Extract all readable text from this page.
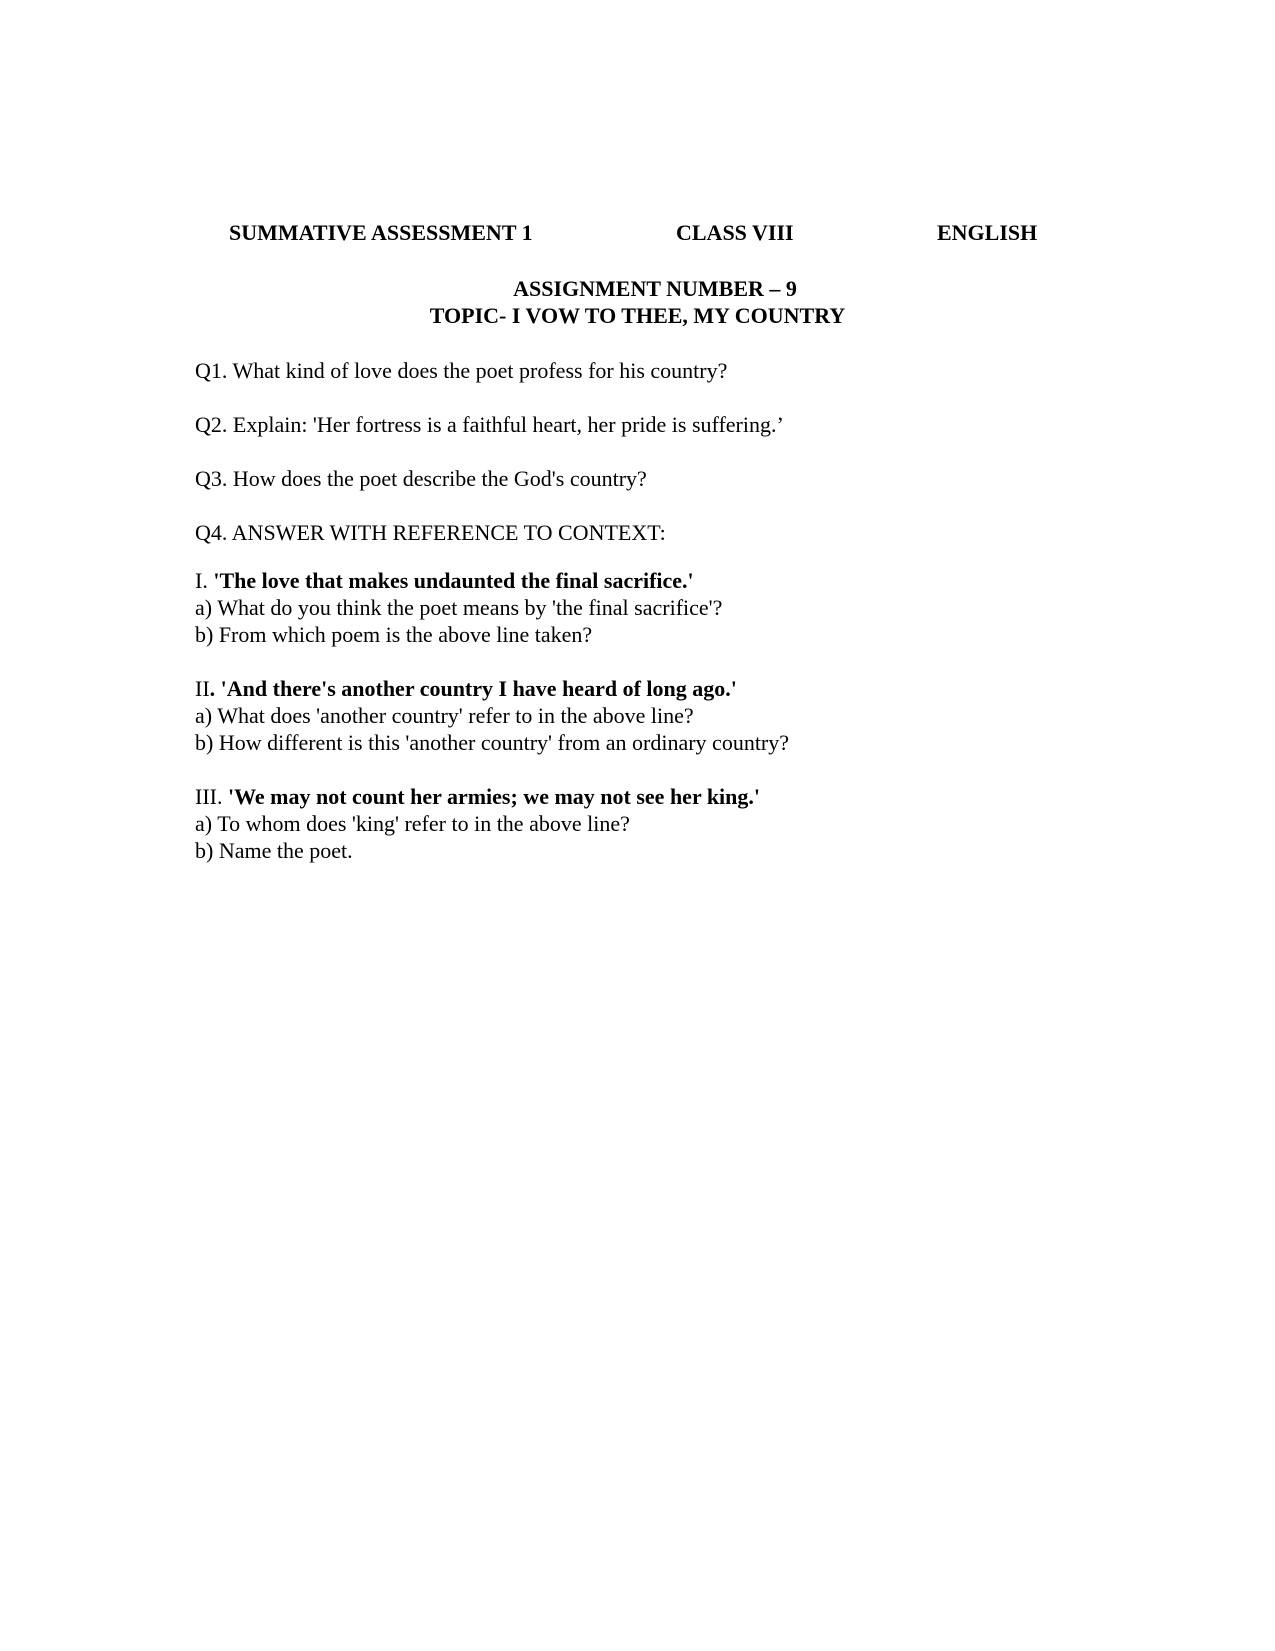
SUMMATIVE ASSESSMENT 1	CLASS VIII	ENGLISH
ASSIGNMENT NUMBER – 9
TOPIC- I VOW TO THEE, MY COUNTRY
Q1. What kind of love does the poet profess for his country?
Q2. Explain: 'Her fortress is a faithful heart, her pride is suffering.’
Q3. How does the poet describe the God's country?
Q4. ANSWER WITH REFERENCE TO CONTEXT:
I. 'The love that makes undaunted the final sacrifice.'
a) What do you think the poet means by 'the final sacrifice'?
b) From which poem is the above line taken?
II. 'And there's another country I have heard of long ago.'
a) What does 'another country' refer to in the above line?
b) How different is this 'another country' from an ordinary country?
III. 'We may not count her armies; we may not see her king.'
a) To whom does 'king' refer to in the above line?
b) Name the poet.
